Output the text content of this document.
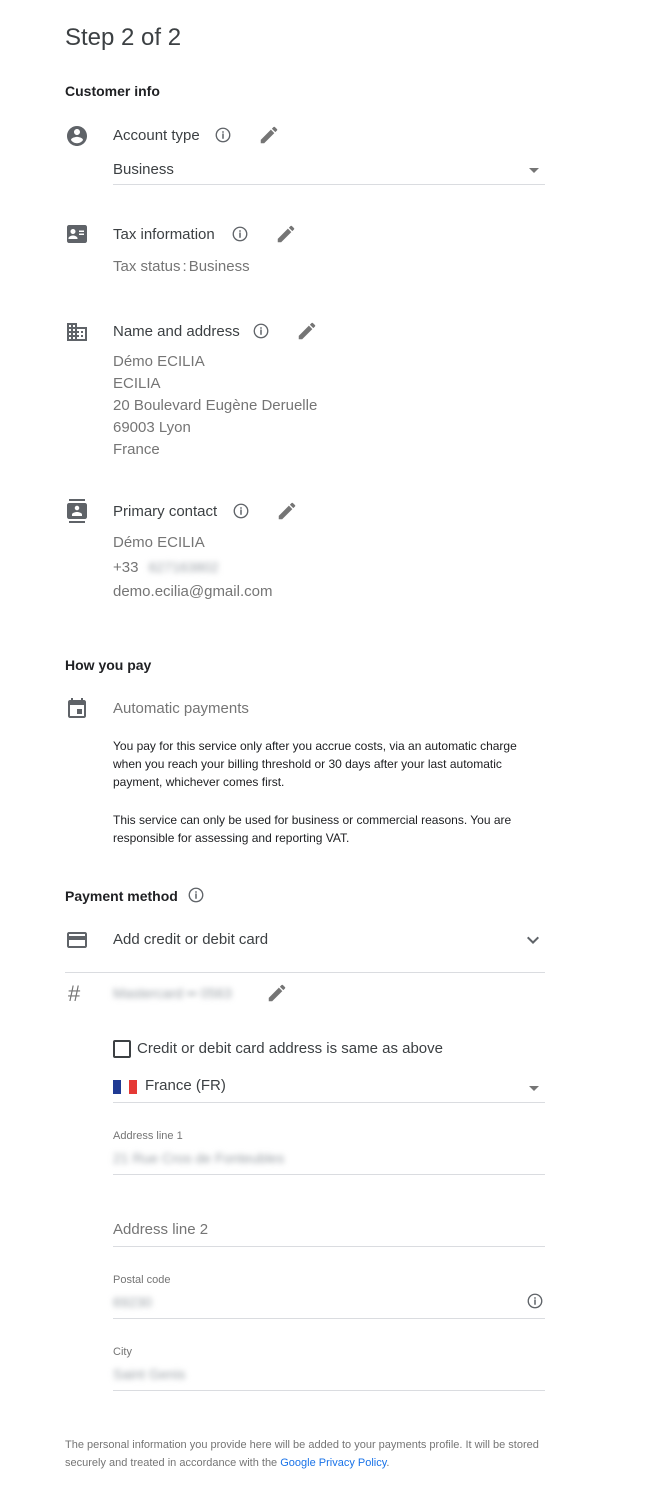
Step 2 of 2
Customer info
Account type
Business
Tax information
Tax status : Business
Name and address
Démo ECILIA
ECILIA
20 Boulevard Eugène Deruelle
69003 Lyon
France
Primary contact
Démo ECILIA
+33 627163802
demo.ecilia@gmail.com
How you pay
Automatic payments
You pay for this service only after you accrue costs, via an automatic charge when you reach your billing threshold or 30 days after your last automatic payment, whichever comes first.
This service can only be used for business or commercial reasons. You are responsible for assessing and reporting VAT.
Payment method
Add credit or debit card
# Mastercard •• 0563
Credit or debit card address is same as above
France (FR)
Address line 1
21 Rue Cros de Fonteubles
Address line 2
Postal code
69230
City
Saint Genis
The personal information you provide here will be added to your payments profile. It will be stored securely and treated in accordance with the Google Privacy Policy.
